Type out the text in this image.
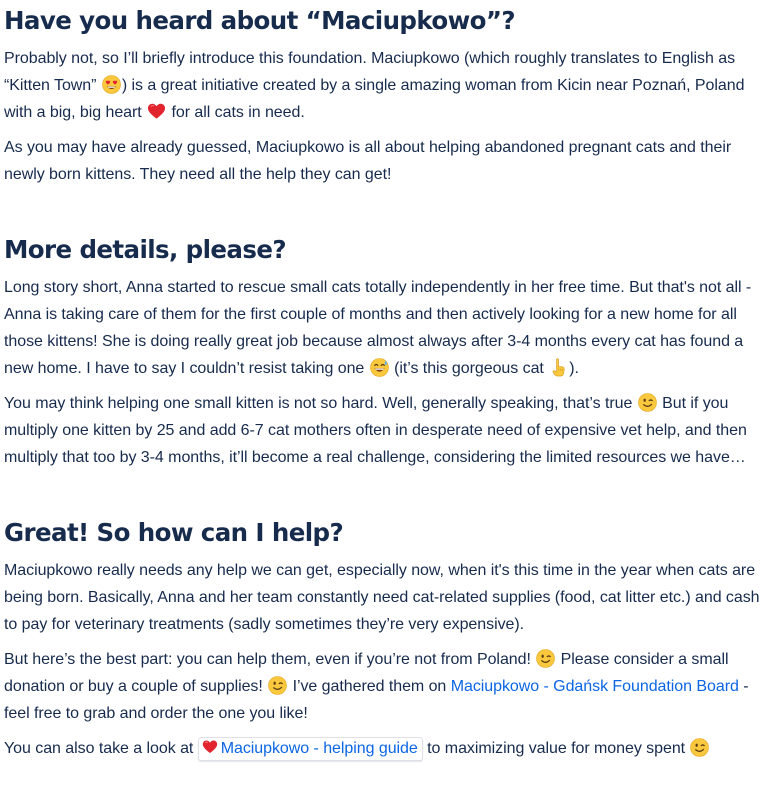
Have you heard about “Maciupkowo”?

Probably not, so I’ll briefly introduce this foundation. Maciupkowo (which roughly translates to English as “Kitten Town”
) is a great initiative created by a single amazing woman from Kicin near Poznań, Poland with a big, big heart
for all cats in need.

As you may have already guessed, Maciupkowo is all about helping abandoned pregnant cats and their newly born kittens. They need all the help they can get!

More details, please?

Long story short, Anna started to rescue small cats totally independently in her free time. But that's not all - Anna is taking care of them for the first couple of months and then actively looking for a new home for all those kittens! She is doing really great job because almost always after 3-4 months every cat has found a new home. I have to say I couldn’t resist taking one
(it’s this gorgeous cat
).

You may think helping one small kitten is not so hard. Well, generally speaking, that’s true
But if you multiply one kitten by 25 and add 6-7 cat mothers often in desperate need of expensive vet help, and then multiply that too by 3-4 months, it’ll become a real challenge, considering the limited resources we have…

Great! So how can I help?

Maciupkowo really needs any help we can get, especially now, when it's this time in the year when cats are being born. Basically, Anna and her team constantly need cat-related supplies (food, cat litter etc.) and cash to pay for veterinary treatments (sadly sometimes they’re very expensive).

But here’s the best part: you can help them, even if you’re not from Poland!
Please consider a small donation or buy a couple of supplies!
I’ve gathered them on Maciupkowo - Gdańsk Foundation Board - feel free to grab and order the one you like!

You can also take a look at Maciupkowo - helping guide to maximizing value for money spent
